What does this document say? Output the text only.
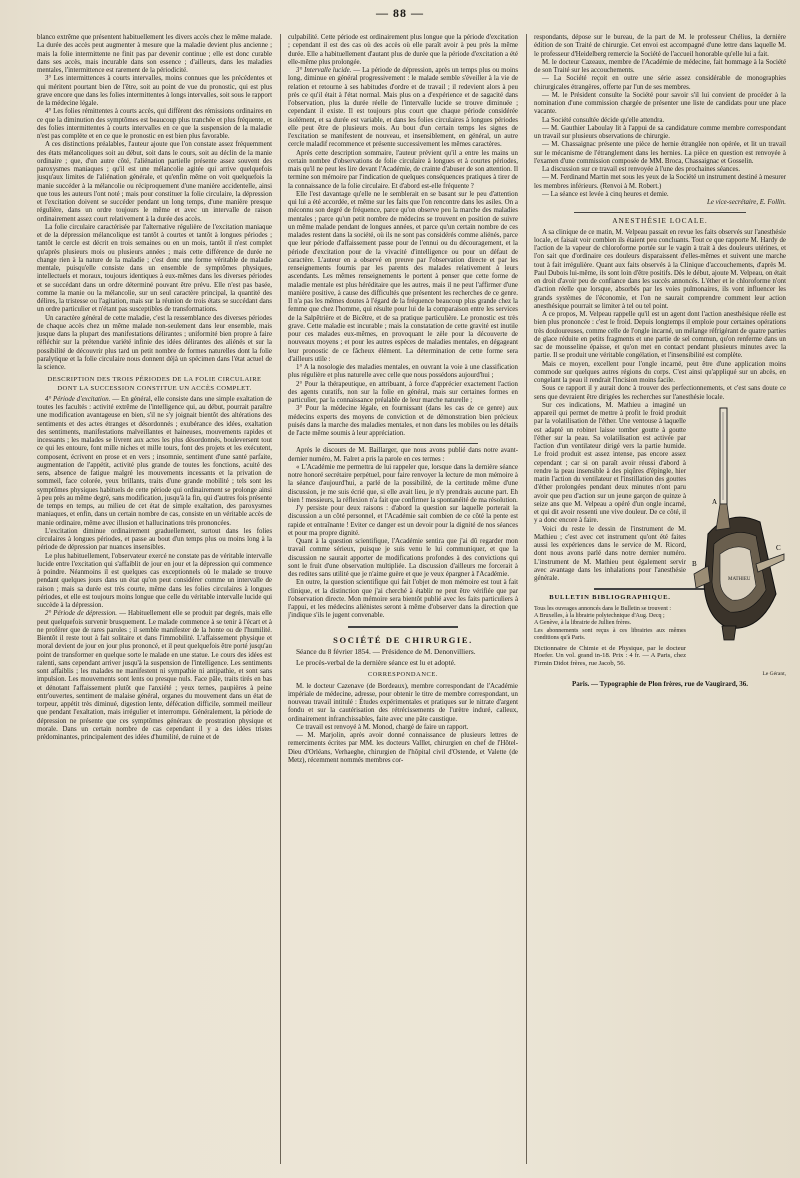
— 88 —

blanco extrême que présentent habituellement les divers accès chez le même malade. La durée des accès peut augmenter à mesure que la maladie devient plus ancienne ; mais la folie intermittente ne finit pas par devenir continue ; elle est donc curable dans ses accès, mais incurable dans son essence ; d'ailleurs, dans les maladies mentales, l'intermittence est rarement de la périodicité.

3° Les intermittences à courts intervalles, moins connues que les précédentes et qui méritent pourtant bien de l'être, soit au point de vue du pronostic, qui est plus grave encore que dans les folies intermittentes à longs intervalles, soit sous le rapport de la médecine légale.

4° Les folies rémittentes à courts accès, qui diffèrent des rémissions ordinaires en ce que la diminution des symptômes est beaucoup plus tranchée et plus fréquente, et des folies intermittentes à courts intervalles en ce que la suspension de la maladie n'est pas complète et en ce que le pronostic en est bien plus favorable.

A ces distinctions préalables, l'auteur ajoute que l'on constate assez fréquemment des états mélancoliques soit au début, soit dans le cours, soit au déclin de la manie ordinaire ; que, d'un autre côté, l'aliénation partielle présente assez souvent des paroxysmes maniaques ; qu'il est une mélancolie agitée qui arrive quelquefois jusqu'aux limites de l'aliénation générale, et qu'enfin même on voit quelquefois la manie succéder à la mélancolie ou réciproquement d'une manière accidentelle, ainsi que tous les auteurs l'ont noté ; mais pour constituer la folie circulaire, la dépression et l'excitation doivent se succéder pendant un long temps, d'une manière presque régulière, dans un ordre toujours le même et avec un intervalle de raison ordinairement assez court relativement à la durée des accès.

La folie circulaire caractérisée par l'alternative régulière de l'excitation maniaque et de la dépression mélancolique est tantôt à courtes et tantôt à longues périodes ; tantôt le cercle est décrit en trois semaines ou en un mois, tantôt il n'est complet qu'après plusieurs mois ou plusieurs années ; mais cette différence de durée ne change rien à la nature de la maladie ; c'est donc une forme véritable de maladie mentale, puisqu'elle consiste dans un ensemble de symptômes physiques, intellectuels et moraux, toujours identiques à eux-mêmes dans les diverses périodes et se succédant dans un ordre déterminé pouvant être prévu. Elle n'est pas basée, comme la manie ou la mélancolie, sur un seul caractère principal, la quantité des délires, la tristesse ou l'agitation, mais sur la réunion de trois états se succédant dans un ordre particulier et n'étant pas susceptibles de transformations.

Un caractère général de cette maladie, c'est la ressemblance des diverses périodes de chaque accès chez un même malade non-seulement dans leur ensemble, mais jusque dans la plupart des manifestations délirantes ; uniformité bien propre à faire réfléchir sur la prétendue variété infinie des idées délirantes des aliénés et sur la possibilité de découvrir plus tard un petit nombre de formes naturelles dont la folie paralytique et la folie circulaire nous donnent déjà un spécimen dans l'état actuel de la science.

DESCRIPTION DES TROIS PÉRIODES DE LA FOLIE CIRCULAIRE DONT LA SUCCESSION CONSTITUE UN ACCÈS COMPLET.

4° Période d'excitation. — En général, elle consiste dans une simple exaltation de toutes les facultés : activité extrême de l'intelligence qui, au début, pourrait paraître une modification avantageuse en bien, s'il ne s'y joignait bientôt des altérations des sentiments et des actes étranges et désordonnés ; exubérance des idées, exaltation des sentiments, manifestations malveillantes et haineuses, mouvements rapides et incessants ; les malades se livrent aux actes les plus désordonnés, bouleversent tout ce qui les entoure, font mille niches et mille tours, font des projets et les exécutent, composent, écrivent en prose et en vers ; insomnie, sentiment d'une santé parfaite, augmentation de l'appétit, activité plus grande de toutes les fonctions, acuité des sens, absence de fatigue malgré les mouvements incessants et la privation de sommeil, face colorée, yeux brillants, traits d'une grande mobilité ; tels sont les symptômes physiques habituels de cette période qui ordinairement se prolonge ainsi à peu près au même degré, sans modification, jusqu'à la fin, qui d'autres fois présente de temps en temps, au milieu de cet état de simple exaltation, des paroxysmes maniaques, et enfin, dans un certain nombre de cas, consiste en un véritable accès de manie ordinaire, même avec illusion et hallucinations très prononcées.

L'excitation diminue ordinairement graduellement, surtout dans les folies circulaires à longues périodes, et passe au bout d'un temps plus ou moins long à la période de dépression par nuances insensibles.

Le plus habituellement, l'observateur exercé ne constate pas de véritable intervalle lucide entre l'excitation qui s'affaiblit de jour en jour et la dépression qui commence à poindre. Néanmoins il est quelques cas exceptionnels où le malade se trouve pendant quelques jours dans un état qu'on peut considérer comme un intervalle de raison ; mais sa durée est très courte, même dans les folies circulaires à longues périodes, et elle est toujours moins longue que celle du véritable intervalle lucide qui succède à la dépression.

2° Période de dépression. — Habituellement elle se produit par degrés, mais elle peut quelquefois survenir brusquement. Le malade commence à se tenir à l'écart et à ne proférer que de rares paroles ; il semble manifester de la honte ou de l'humilité. Bientôt il reste tout à fait solitaire et dans l'immobilité. L'affaissement physique et moral devient de jour en jour plus prononcé, et il peut quelquefois être porté jusqu'au point de transformer en quelque sorte le malade en une statue. Le cours des idées est ralenti, sans cependant arriver jusqu'à la suspension de l'intelligence. Les sentiments sont affaiblis ; les malades ne manifestent ni sympathie ni antipathie, et sont sans impulsion. Les mouvements sont lents ou presque nuls. Face pâle, traits tirés en bas et dénotant l'affaissement plutôt que l'anxiété ; yeux ternes, paupières à peine entr'ouvertes, sentiment de malaise général, organes du mouvement dans un état de torpeur, appétit très diminué, digestion lente, défécation difficile, sommeil meilleur que pendant l'exaltation, mais irrégulier et interrompu. Généralement, la période de dépression ne présente que ces symptômes généraux de prostration physique et morale. Dans un certain nombre de cas cependant il y a des idées tristes prédominantes, principalement des idées d'humilité, de ruine et de

culpabilité. Cette période est ordinairement plus longue que la période d'excitation ; cependant il est des cas où des accès où elle paraît avoir à peu près la même durée. Elle a habituellement d'autant plus de durée que la période d'excitation a été elle-même plus prolongée.

3° Intervalle lucide. — La période de dépression, après un temps plus ou moins long, diminue en général progressivement : le malade semble s'éveiller à la vie de relation et retourne à ses habitudes d'ordre et de travail ; il redevient alors à peu près ce qu'il était à l'état normal. Mais plus on a d'expérience et de sagacité dans l'observation, plus la durée réelle de l'intervalle lucide se trouve diminuée ; cependant il existe. Il est toujours plus court que chaque période considérée isolément, et sa durée est variable, et dans les folies circulaires à longues périodes elle peut être de plusieurs mois. Au bout d'un certain temps les signes de l'excitation se manifestent de nouveau, et insensiblement, en général, un autre cercle maladif recommence et présente successivement les mêmes caractères.

Après cette description sommaire, l'auteur prévient qu'il a entre les mains un certain nombre d'observations de folie circulaire à longues et à courtes périodes, mais qu'il ne peut les lire devant l'Académie, de crainte d'abuser de son attention. Il termine son mémoire par l'indication de quelques conséquences pratiques à tirer de la connaissance de la folie circulaire. Et d'abord est-elle fréquente ?

Elle l'est davantage qu'elle ne le semblerait en se basant sur le peu d'attention qui lui a été accordée, et même sur les faits que l'on rencontre dans les asiles. On a méconnu son degré de fréquence, parce qu'on observe peu la marche des maladies mentales ; parce qu'un petit nombre de médecins se trouvent en position de suivre un même malade pendant de longues années, et parce qu'un certain nombre de ces malades restent dans la société, où ils ne sont pas considérés comme aliénés, parce que leur période d'affaissement passe pour de l'ennui ou du découragement, et la période d'excitation pour de la vivacité d'intelligence ou pour un défaut de caractère. L'auteur en a observé en preuve par l'observation directe et par les renseignements fournis par les parents des malades relativement à leurs ascendants. Les mêmes renseignements le portent à penser que cette forme de maladie mentale est plus héréditaire que les autres, mais il ne peut l'affirmer d'une manière positive, à cause des difficultés que présentent les recherches de ce genre. Il n'a pas les mêmes doutes à l'égard de la fréquence beaucoup plus grande chez la femme que chez l'homme, qui résulte pour lui de la comparaison entre les services de la Salpêtrière et de Bicêtre, et de sa pratique particulière. Le pronostic est très grave. Cette maladie est incurable ; mais la constatation de cette gravité est inutile pour ces malades eux-mêmes, en provoquant le zèle pour la découverte de nouveaux moyens ; et pour les autres espèces de maladies mentales, en dégageant leur pronostic de ce fâcheux élément. La détermination de cette forme sera d'ailleurs utile :

1° A la nosologie des maladies mentales, en ouvrant la voie à une classification plus régulière et plus naturelle avec celle que nous possédons aujourd'hui ;

2° Pour la thérapeutique, en attribuant, à force d'apprécier exactement l'action des agents curatifs, non sur la folie en général, mais sur certaines formes en particulier, par la connaissance préalable de leur marche naturelle ;

3° Pour la médecine légale, en fournissant (dans les cas de ce genre) aux médecins experts des moyens de conviction et de démonstration bien précieux puisés dans la marche des maladies mentales, et non dans les mobiles ou les détails de l'acte même soumis à leur appréciation.

Après le discours de M. Baillarger, que nous avons publié dans notre avant-dernier numéro, M. Falret a pris la parole en ces termes :

« L'Académie me permettra de lui rappeler que, lorsque dans la dernière séance notre honoré secrétaire perpétuel, pour faire renvoyer la lecture de mon mémoire à la séance d'aujourd'hui, a parlé de la possibilité, de la certitude même d'une discussion, je me suis écrié que, si elle avait lieu, je n'y prendrais aucune part. Eh bien ! messieurs, la réflexion n'a fait que confirmer la spontanéité de ma résolution.

J'y persiste pour deux raisons : d'abord la question sur laquelle porterait la discussion a un côté personnel, et l'Académie sait combien de ce côté la pente est rapide et entraînante ! Eviter ce danger est un devoir pour la dignité de nos séances et pour ma propre dignité.

Quant à la question scientifique, l'Académie sentira que j'ai dû regarder mon travail comme sérieux, puisque je suis venu le lui communiquer, et que la discussion ne saurait apporter de modifications profondes à des convictions qui sont le fruit d'une observation multipliée. La discussion d'ailleurs me forcerait à des redites sans utilité que je n'aime guère et que je veux épargner à l'Académie.

En outre, la question scientifique qui fait l'objet de mon mémoire est tout à fait clinique, et la distinction que j'ai cherché à établir ne peut être vérifiée que par l'observation directe. Mon mémoire sera bientôt publié avec les faits particuliers à l'appui, et les médecins aliénistes seront à même d'observer dans la direction que j'indique s'ils le jugent convenable.

SOCIÉTÉ DE CHIRURGIE.

Séance du 8 février 1854. — Présidence de M. Denonvilliers.

Le procès-verbal de la dernière séance est lu et adopté.

CORRESPONDANCE.

M. le docteur Cazenave (de Bordeaux), membre correspondant de l'Académie impériale de médecine, adresse, pour obtenir le titre de membre correspondant, un nouveau travail intitulé : Études expérimentales et pratiques sur le nitrate d'argent fondu et sur la cautérisation des rétrécissements de l'urètre induré, calleux, ordinairement infranchissables, faite avec une pâte caustique.

Ce travail est renvoyé à M. Monod, chargé de faire un rapport.

— M. Marjolin, après avoir donné connaissance de plusieurs lettres de remerciments écrites par MM. les docteurs Valllet, chirurgien en chef de l'Hôtel-Dieu d'Orléans, Verhaeghe, chirurgien de l'hôpital civil d'Ostende, et Valette (de Metz), récemment nommés membres cor-

respondants, dépose sur le bureau, de la part de M. le professeur Chélius, la dernière édition de son Traité de chirurgie. Cet envoi est accompagné d'une lettre dans laquelle M. le professeur d'Heidelberg remercie la Société de l'accueil honorable qu'elle lui a fait.

M. le docteur Cazeaux, membre de l'Académie de médecine, fait hommage à la Société de son Traité sur les accouchements.

— La Société reçoit en outre une série assez considérable de monographies chirurgicales étrangères, offerte par l'un de ses membres.

— M. le Président consulte la Société pour savoir s'il lui convient de procéder à la nomination d'une commission chargée de présenter une liste de candidats pour une place vacante.

La Société consultée décide qu'elle attendra.

— M. Gauthier Laboulay lit à l'appui de sa candidature comme membre correspondant un travail sur plusieurs observations de chirurgie.

— M. Chassaignac présente une pièce de hernie étranglée non opérée, et lit un travail sur le mécanisme de l'étranglement dans les hernies. La pièce en question est renvoyée à l'examen d'une commission composée de MM. Broca, Chassaignac et Gosselin.

La discussion sur ce travail est renvoyée à l'une des prochaines séances.

— M. Ferdinand Martin met sous les yeux de la Société un instrument destiné à mesurer les membres inférieurs. (Renvoi à M. Robert.)

— La séance est levée à cinq heures et demie.

Le vice-secrétaire, E. Follin.

ANESTHÉSIE LOCALE.

A sa clinique de ce matin, M. Velpeau passait en revue les faits observés sur l'anesthésie locale, et faisait voir combien ils étaient peu concluants. Tout ce que rapporte M. Hardy de l'action de la vapeur de chloroforme portée sur le vagin à trait à des douleurs utérines, et l'on sait que d'ordinaire ces douleurs disparaissent d'elles-mêmes et suivent une marche tout à fait irrégulière. Quant aux faits observés à la Clinique d'accouchements, d'après M. Paul Dubois lui-même, ils sont loin d'être positifs. Dès le début, ajoute M. Velpeau, on était en droit d'avoir peu de confiance dans les succès annoncés. L'éther et le chloroforme n'ont d'action réelle que lorsque, absorbés par les voies pulmonaires, ils vont influencer les grands systèmes de l'économie, et l'on ne saurait comprendre comment leur action anesthésique pourrait se limiter à tel ou tel point.

A ce propos, M. Velpeau rappelle qu'il est un agent dont l'action anesthésique réelle est bien plus prononcée : c'est le froid. Depuis longtemps il emploie pour certaines opérations très douloureuses, comme celle de l'ongle incarné, un mélange réfrigérant de quatre parties de glace réduite en petits fragments et une partie de sel commun, qu'on renferme dans un sac de mousseline épaisse, et qu'on met en contact pendant plusieurs minutes avec la partie. Il se produit une véritable congélation, et l'insensibilité est complète.

Mais ce moyen, excellent pour l'ongle incarné, peut être d'une application moins commode sur quelques autres régions du corps. C'est ainsi qu'appliqué sur un abcès, en congelant la peau il rendrait l'incision moins facile.

Sous ce rapport il y aurait donc à trouver des perfectionnements, et c'est sans doute ce sens que devraient être dirigées les recherches sur l'anesthésie locale.

A
B
C
MATHIEU

Sur ces indications, M. Mathieu a imaginé un appareil qui permet de mettre à profit le froid produit par la volatilisation de l'éther. Une ventouse à laquelle est adapté un robinet laisse tomber goutte à goutte l'éther sur la peau. Sa volatilisation est activée par l'action d'un ventilateur dirigé vers la partie humide. Le froid produit est assez intense, pas encore assez cependant ; car si on paraît avoir réussi d'abord à rendre la peau insensible à des piqûres d'épingle, hier matin l'action du ventilateur et l'instillation des gouttes d'éther prolongées pendant deux minutes n'ont paru avoir que peu d'action sur un jeune garçon de quinze à seize ans que M. Velpeau a opéré d'un ongle incarné, et qui dit avoir ressenti une vive douleur. De ce côté, il y a donc encore à faire.

Voici du reste le dessin de l'instrument de M. Mathieu ; c'est avec cet instrument qu'ont été faites aussi les expériences dans le service de M. Ricord, dont nous avons parlé dans notre dernier numéro. L'instrument de M. Mathieu peut également servir avec avantage dans les inhalations pour l'anesthésie générale.

BULLETIN BIBLIOGRAPHIQUE.

Tous les ouvrages annoncés dans le Bulletin se trouvent :

A Bruxelles, à la librairie polytechnique d'Aug. Decq ;

A Genève, à la librairie de Jullien frères.

Les abonnements sont reçus à ces librairies aux mêmes conditions qu'à Paris.

Dictionnaire de Chimie et de Physique, par le docteur Hoefer. Un vol. grand in-18. Prix : 4 fr. — A Paris, chez Firmin Didot frères, rue Jacob, 56.

Le Gérant,
Paris. — Typographie de Plon frères, rue de Vaugirard, 36.
